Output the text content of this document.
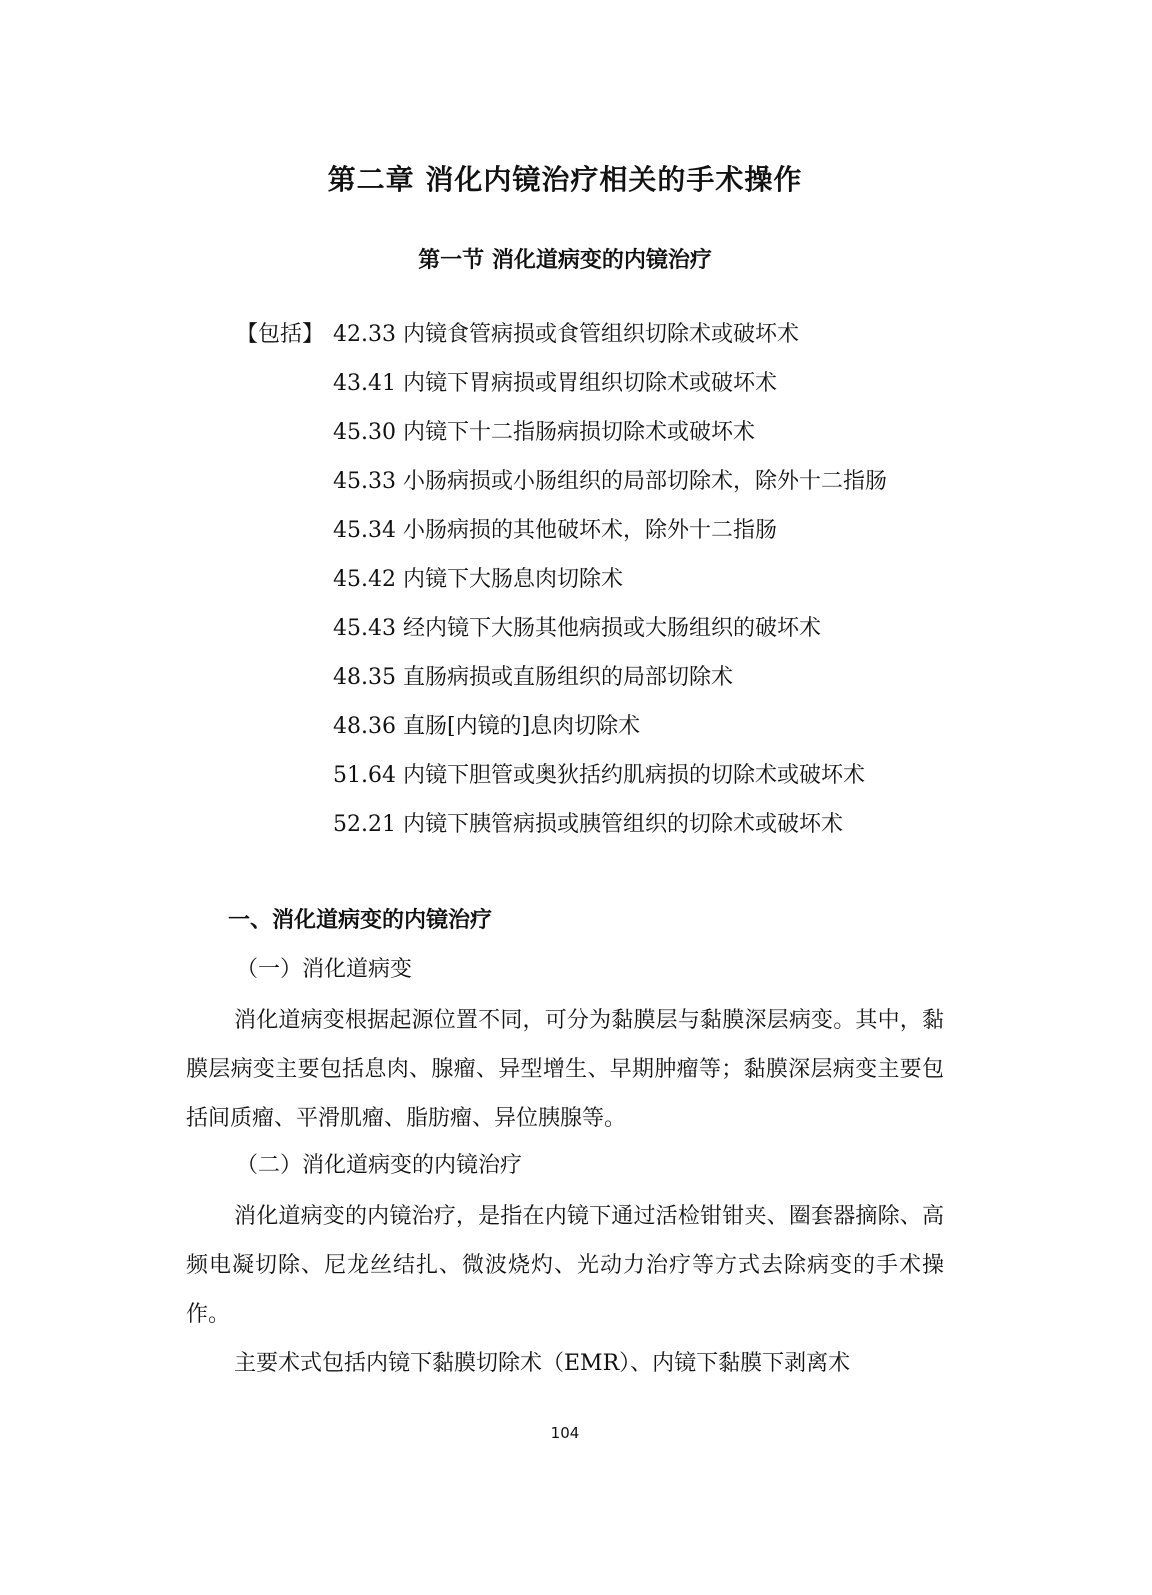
第二章 消化内镜治疗相关的手术操作
第一节 消化道病变的内镜治疗
【包括】 42.33 内镜食管病损或食管组织切除术或破坏术
43.41 内镜下胃病损或胃组织切除术或破坏术
45.30 内镜下十二指肠病损切除术或破坏术
45.33 小肠病损或小肠组织的局部切除术，除外十二指肠
45.34 小肠病损的其他破坏术，除外十二指肠
45.42 内镜下大肠息肉切除术
45.43 经内镜下大肠其他病损或大肠组织的破坏术
48.35 直肠病损或直肠组织的局部切除术
48.36 直肠[内镜的]息肉切除术
51.64 内镜下胆管或奥狄括约肌病损的切除术或破坏术
52.21 内镜下胰管病损或胰管组织的切除术或破坏术
一、消化道病变的内镜治疗
（一）消化道病变
消化道病变根据起源位置不同，可分为黏膜层与黏膜深层病变。其中，黏膜层病变主要包括息肉、腺瘤、异型增生、早期肿瘤等；黏膜深层病变主要包括间质瘤、平滑肌瘤、脂肪瘤、异位胰腺等。
（二）消化道病变的内镜治疗
消化道病变的内镜治疗，是指在内镜下通过活检钳钳夹、圈套器摘除、高频电凝切除、尼龙丝结扎、微波烧灼、光动力治疗等方式去除病变的手术操作。
主要术式包括内镜下黏膜切除术（EMR）、内镜下黏膜下剥离术
104
